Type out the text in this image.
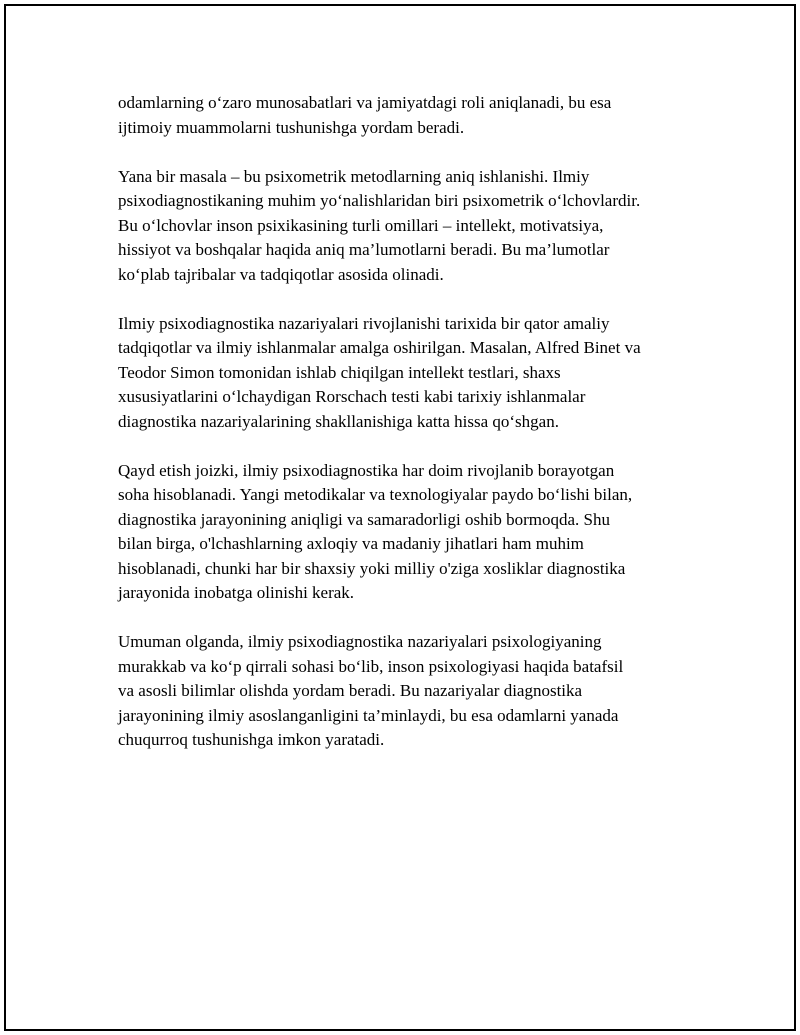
odamlarning o‘zaro munosabatlari va jamiyatdagi roli aniqlanadi, bu esa
ijtimoiy muammolarni tushunishga yordam beradi.

Yana bir masala – bu psixometrik metodlarning aniq ishlanishi. Ilmiy
psixodiagnostikaning muhim yo‘nalishlaridan biri psixometrik o‘lchovlardir.
Bu o‘lchovlar inson psixikasining turli omillari – intellekt, motivatsiya,
hissiyot va boshqalar haqida aniq ma’lumotlarni beradi. Bu ma’lumotlar
ko‘plab tajribalar va tadqiqotlar asosida olinadi.

Ilmiy psixodiagnostika nazariyalari rivojlanishi tarixida bir qator amaliy
tadqiqotlar va ilmiy ishlanmalar amalga oshirilgan. Masalan, Alfred Binet va
Teodor Simon tomonidan ishlab chiqilgan intellekt testlari, shaxs
xususiyatlarini o‘lchaydigan Rorschach testi kabi tarixiy ishlanmalar
diagnostika nazariyalarining shakllanishiga katta hissa qo‘shgan.

Qayd etish joizki, ilmiy psixodiagnostika har doim rivojlanib borayotgan
soha hisoblanadi. Yangi metodikalar va texnologiyalar paydo bo‘lishi bilan,
diagnostika jarayonining aniqligi va samaradorligi oshib bormoqda. Shu
bilan birga, o'lchashlarning axloqiy va madaniy jihatlari ham muhim
hisoblanadi, chunki har bir shaxsiy yoki milliy o'ziga xosliklar diagnostika
jarayonida inobatga olinishi kerak.

Umuman olganda, ilmiy psixodiagnostika nazariyalari psixologiyaning
murakkab va ko‘p qirrali sohasi bo‘lib, inson psixologiyasi haqida batafsil
va asosli bilimlar olishda yordam beradi. Bu nazariyalar diagnostika
jarayonining ilmiy asoslanganligini ta’minlaydi, bu esa odamlarni yanada
chuqurroq tushunishga imkon yaratadi.
